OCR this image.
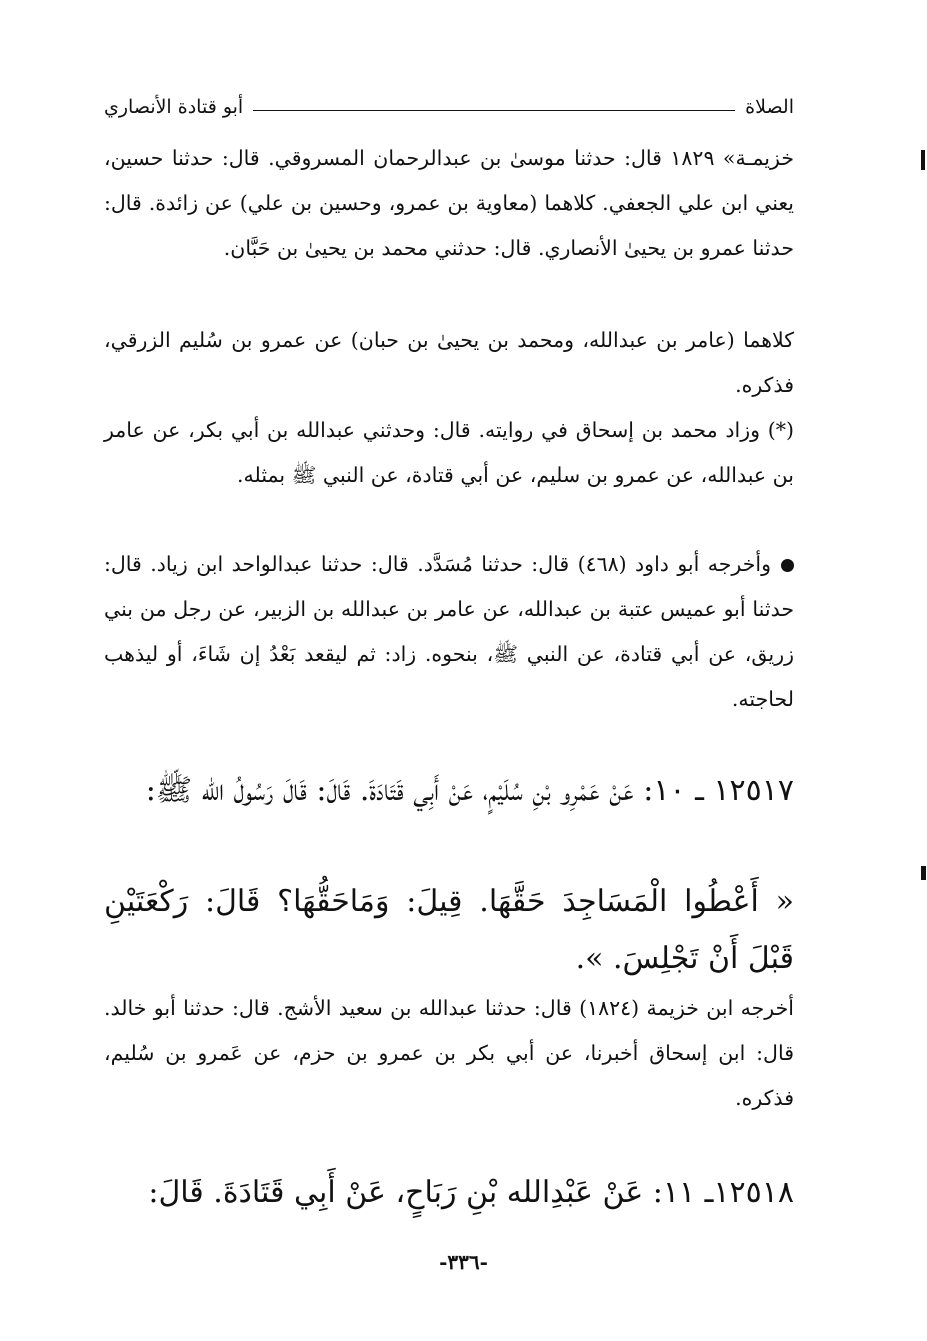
الصلاة
أبو قتادة الأنصاري
خزيمـة» ١٨٢٩ قال: حدثنا موسىٰ بن عبدالرحمان المسروقي. قال: حدثنا حسين، يعني ابن علي الجعفي. كلاهما (معاوية بن عمرو، وحسين بن علي) عن زائدة. قال: حدثنا عمرو بن يحيىٰ الأنصاري. قال: حدثني محمد بن يحيىٰ بن حَبَّان.
كلاهما (عامر بن عبدالله، ومحمد بن يحيىٰ بن حبان) عن عمرو بن سُليم الزرقي، فذكره.
(*) وزاد محمد بن إسحاق في روايته. قال: وحدثني عبدالله بن أبي بكر، عن عامر بن عبدالله، عن عمرو بن سليم، عن أبي قتادة، عن النبي ﷺ بمثله.
وأخرجه أبو داود (٤٦٨) قال: حدثنا مُسَدَّد. قال: حدثنا عبدالواحد ابن زياد. قال: حدثنا أبو عميس عتبة بن عبدالله، عن عامر بن عبدالله بن الزبير، عن رجل من بني زريق، عن أبي قتادة، عن النبي ﷺ، بنحوه. زاد: ثم ليقعد بَعْدُ إن شَاءَ، أو ليذهب لحاجته.
١٢٥١٧ ـ ١٠: عَنْ عَمْرِو بْنِ سُلَيْمٍ، عَنْ أَبِي قَتَادَةَ. قَالَ: قَالَ رَسُولُ الله ﷺ:
« أَعْطُوا الْمَسَاجِدَ حَقَّهَا. قِيلَ: وَمَاحَقُّهَا؟ قَالَ: رَكْعَتَيْنِ قَبْلَ أَنْ تَجْلِسَ. ».
أخرجه ابن خزيمة (١٨٢٤) قال: حدثنا عبدالله بن سعيد الأشج. قال: حدثنا أبو خالد. قال: ابن إسحاق أخبرنا، عن أبي بكر بن عمرو بن حزم، عن عَمرو بن سُليم، فذكره.
١٢٥١٨ـ ١١: عَنْ عَبْدِالله بْنِ رَبَاحٍ، عَنْ أَبِي قَتَادَةَ. قَالَ:
-٣٣٦-
